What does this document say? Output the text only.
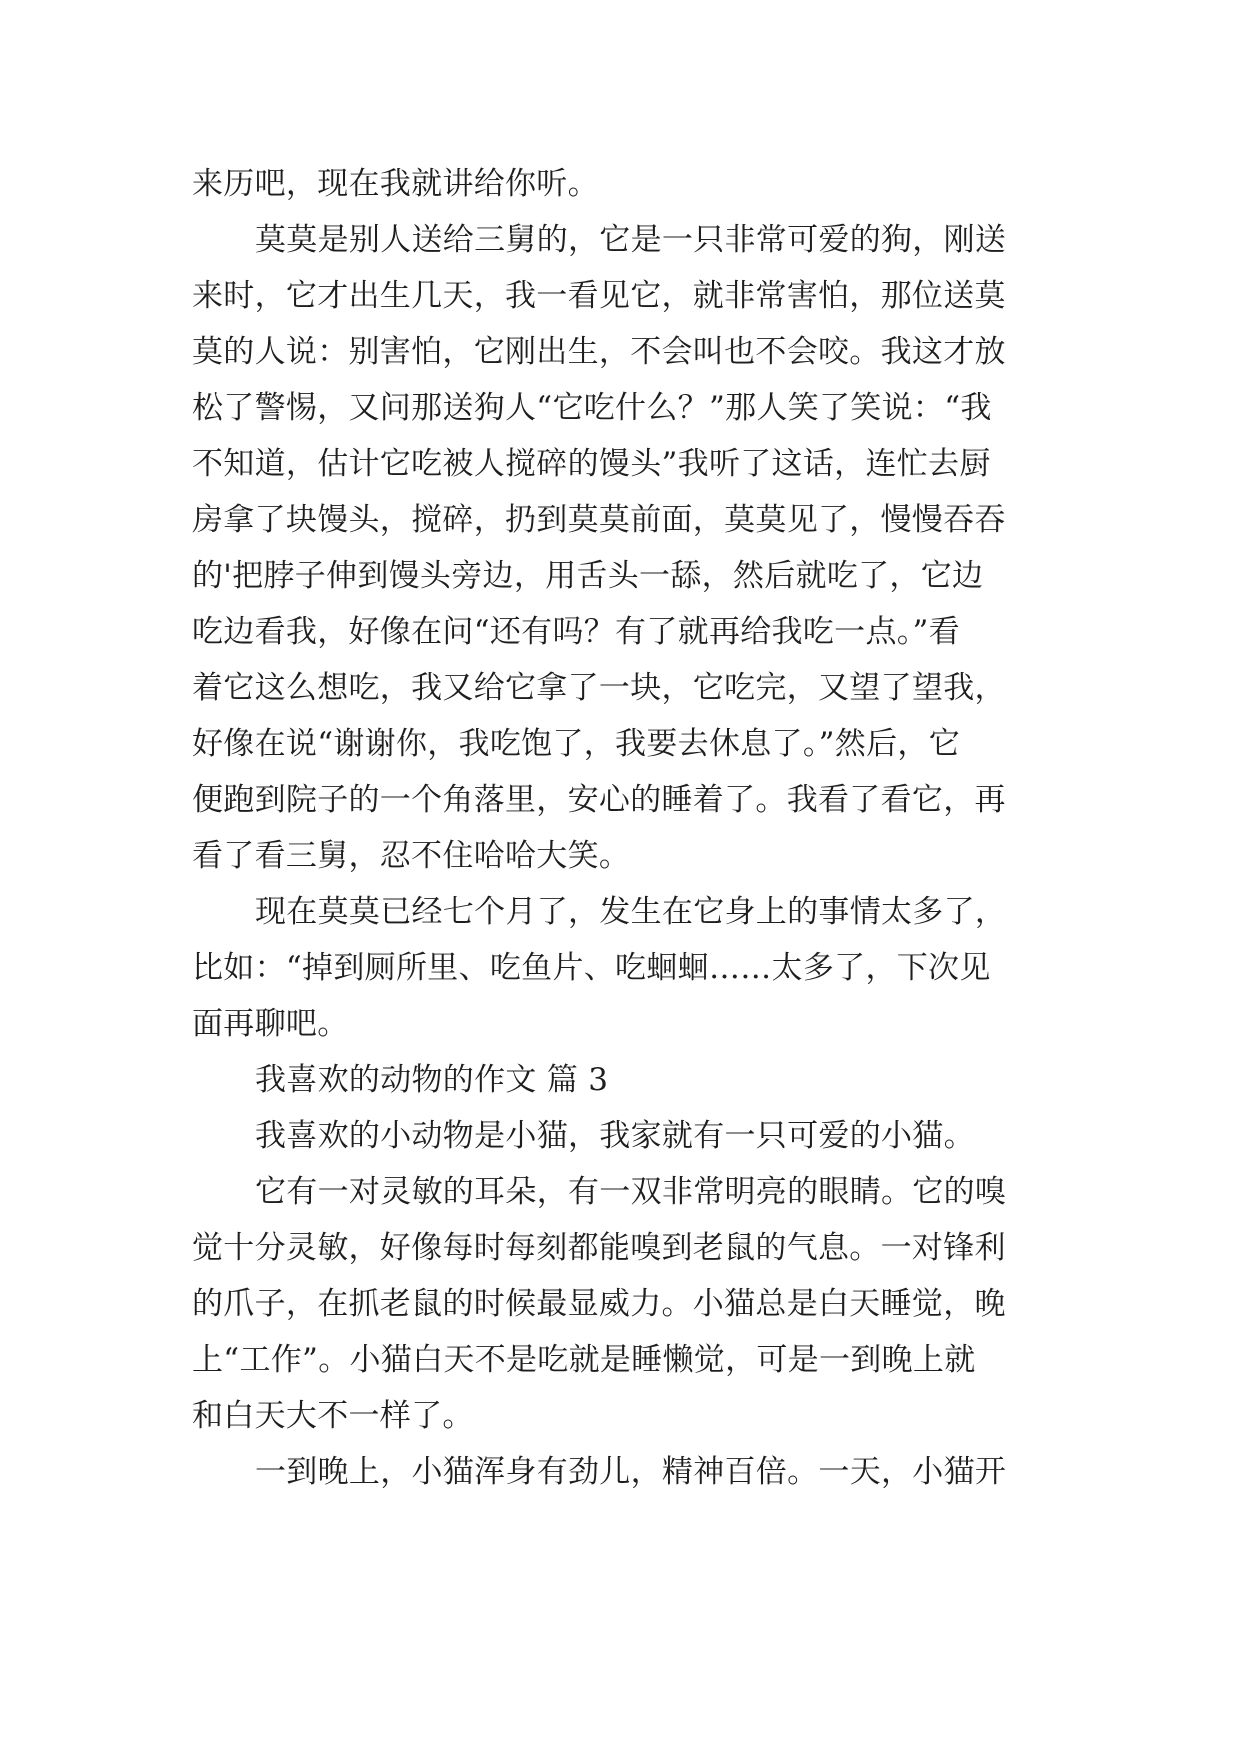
来历吧，现在我就讲给你听。
莫莫是别人送给三舅的，它是一只非常可爱的狗，刚送
来时，它才出生几天，我一看见它，就非常害怕，那位送莫
莫的人说：别害怕，它刚出生，不会叫也不会咬。我这才放
松了警惕，又问那送狗人“它吃什么？”那人笑了笑说：“我
不知道，估计它吃被人搅碎的馒头”我听了这话，连忙去厨
房拿了块馒头，搅碎，扔到莫莫前面，莫莫见了，慢慢吞吞
的'把脖子伸到馒头旁边，用舌头一舔，然后就吃了，它边
吃边看我，好像在问“还有吗？有了就再给我吃一点。”看
着它这么想吃，我又给它拿了一块，它吃完，又望了望我，
好像在说“谢谢你，我吃饱了，我要去休息了。”然后，它
便跑到院子的一个角落里，安心的睡着了。我看了看它，再
看了看三舅，忍不住哈哈大笑。
现在莫莫已经七个月了，发生在它身上的事情太多了，
比如：“掉到厕所里、吃鱼片、吃蛔蛔……太多了，下次见
面再聊吧。
我喜欢的动物的作文 篇 3
我喜欢的小动物是小猫，我家就有一只可爱的小猫。
它有一对灵敏的耳朵，有一双非常明亮的眼睛。它的嗅
觉十分灵敏，好像每时每刻都能嗅到老鼠的气息。一对锋利
的爪子，在抓老鼠的时候最显威力。小猫总是白天睡觉，晚
上“工作”。小猫白天不是吃就是睡懒觉，可是一到晚上就
和白天大不一样了。
一到晚上，小猫浑身有劲儿，精神百倍。一天，小猫开
